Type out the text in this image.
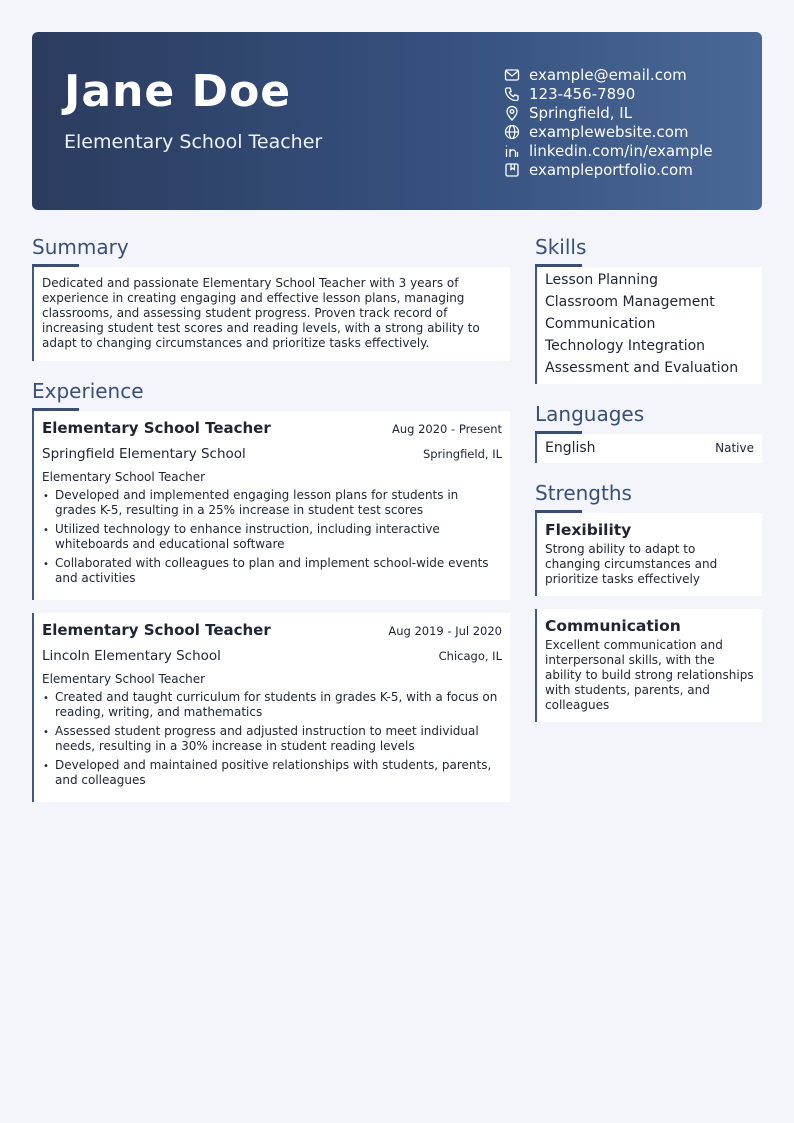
Jane Doe
Elementary School Teacher
example@email.com
123-456-7890
Springfield, IL
examplewebsite.com
linkedin.com/in/example
exampleportfolio.com
Summary
Dedicated and passionate Elementary School Teacher with 3 years of experience in creating engaging and effective lesson plans, managing classrooms, and assessing student progress. Proven track record of increasing student test scores and reading levels, with a strong ability to adapt to changing circumstances and prioritize tasks effectively.
Experience
Elementary School Teacher	Aug 2020 - Present
Springfield Elementary School	Springfield, IL
Elementary School Teacher
• Developed and implemented engaging lesson plans for students in grades K-5, resulting in a 25% increase in student test scores
• Utilized technology to enhance instruction, including interactive whiteboards and educational software
• Collaborated with colleagues to plan and implement school-wide events and activities
Elementary School Teacher	Aug 2019 - Jul 2020
Lincoln Elementary School	Chicago, IL
Elementary School Teacher
• Created and taught curriculum for students in grades K-5, with a focus on reading, writing, and mathematics
• Assessed student progress and adjusted instruction to meet individual needs, resulting in a 30% increase in student reading levels
• Developed and maintained positive relationships with students, parents, and colleagues
Skills
Lesson Planning
Classroom Management
Communication
Technology Integration
Assessment and Evaluation
Languages
English	Native
Strengths
Flexibility
Strong ability to adapt to changing circumstances and prioritize tasks effectively
Communication
Excellent communication and interpersonal skills, with the ability to build strong relationships with students, parents, and colleagues
